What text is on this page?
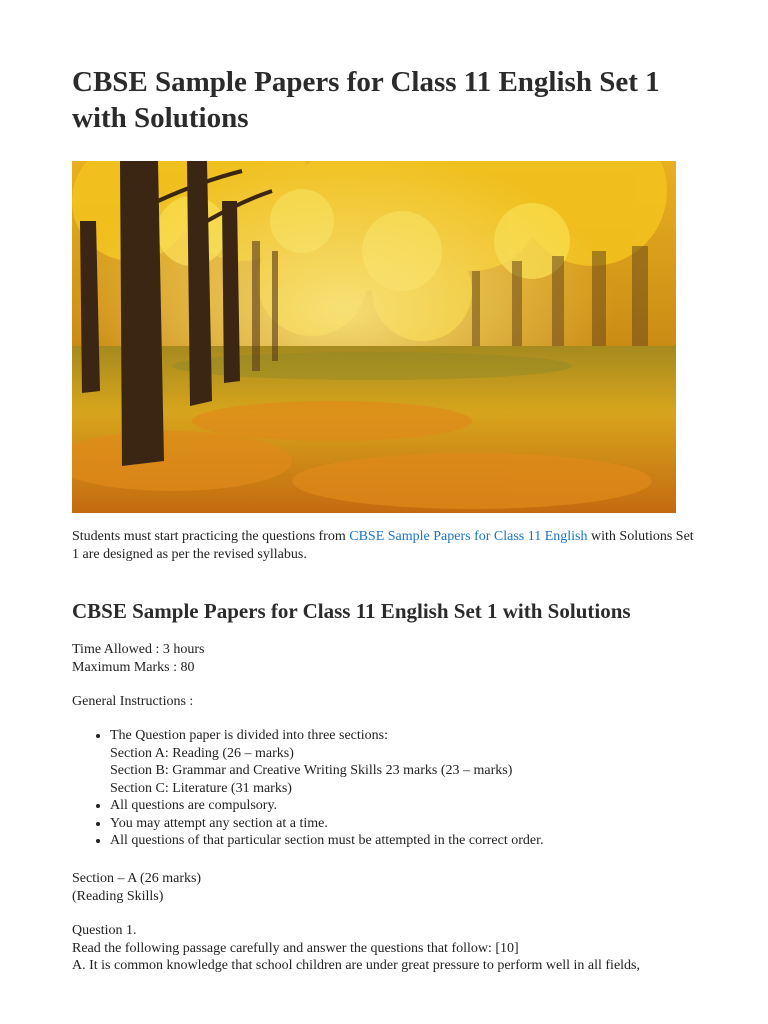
CBSE Sample Papers for Class 11 English Set 1 with Solutions

Students must start practicing the questions from CBSE Sample Papers for Class 11 English with Solutions Set 1 are designed as per the revised syllabus.

CBSE Sample Papers for Class 11 English Set 1 with Solutions
Time Allowed : 3 hours
Maximum Marks : 80
General Instructions :
• The Question paper is divided into three sections:
Section A: Reading (26 – marks)
Section B: Grammar and Creative Writing Skills 23 marks (23 – marks)
Section C: Literature (31 marks)
• All questions are compulsory.
• You may attempt any section at a time.
• All questions of that particular section must be attempted in the correct order.
Section – A (26 marks)
(Reading Skills)
Question 1.
Read the following passage carefully and answer the questions that follow: [10]
A. It is common knowledge that school children are under great pressure to perform well in all fields,
